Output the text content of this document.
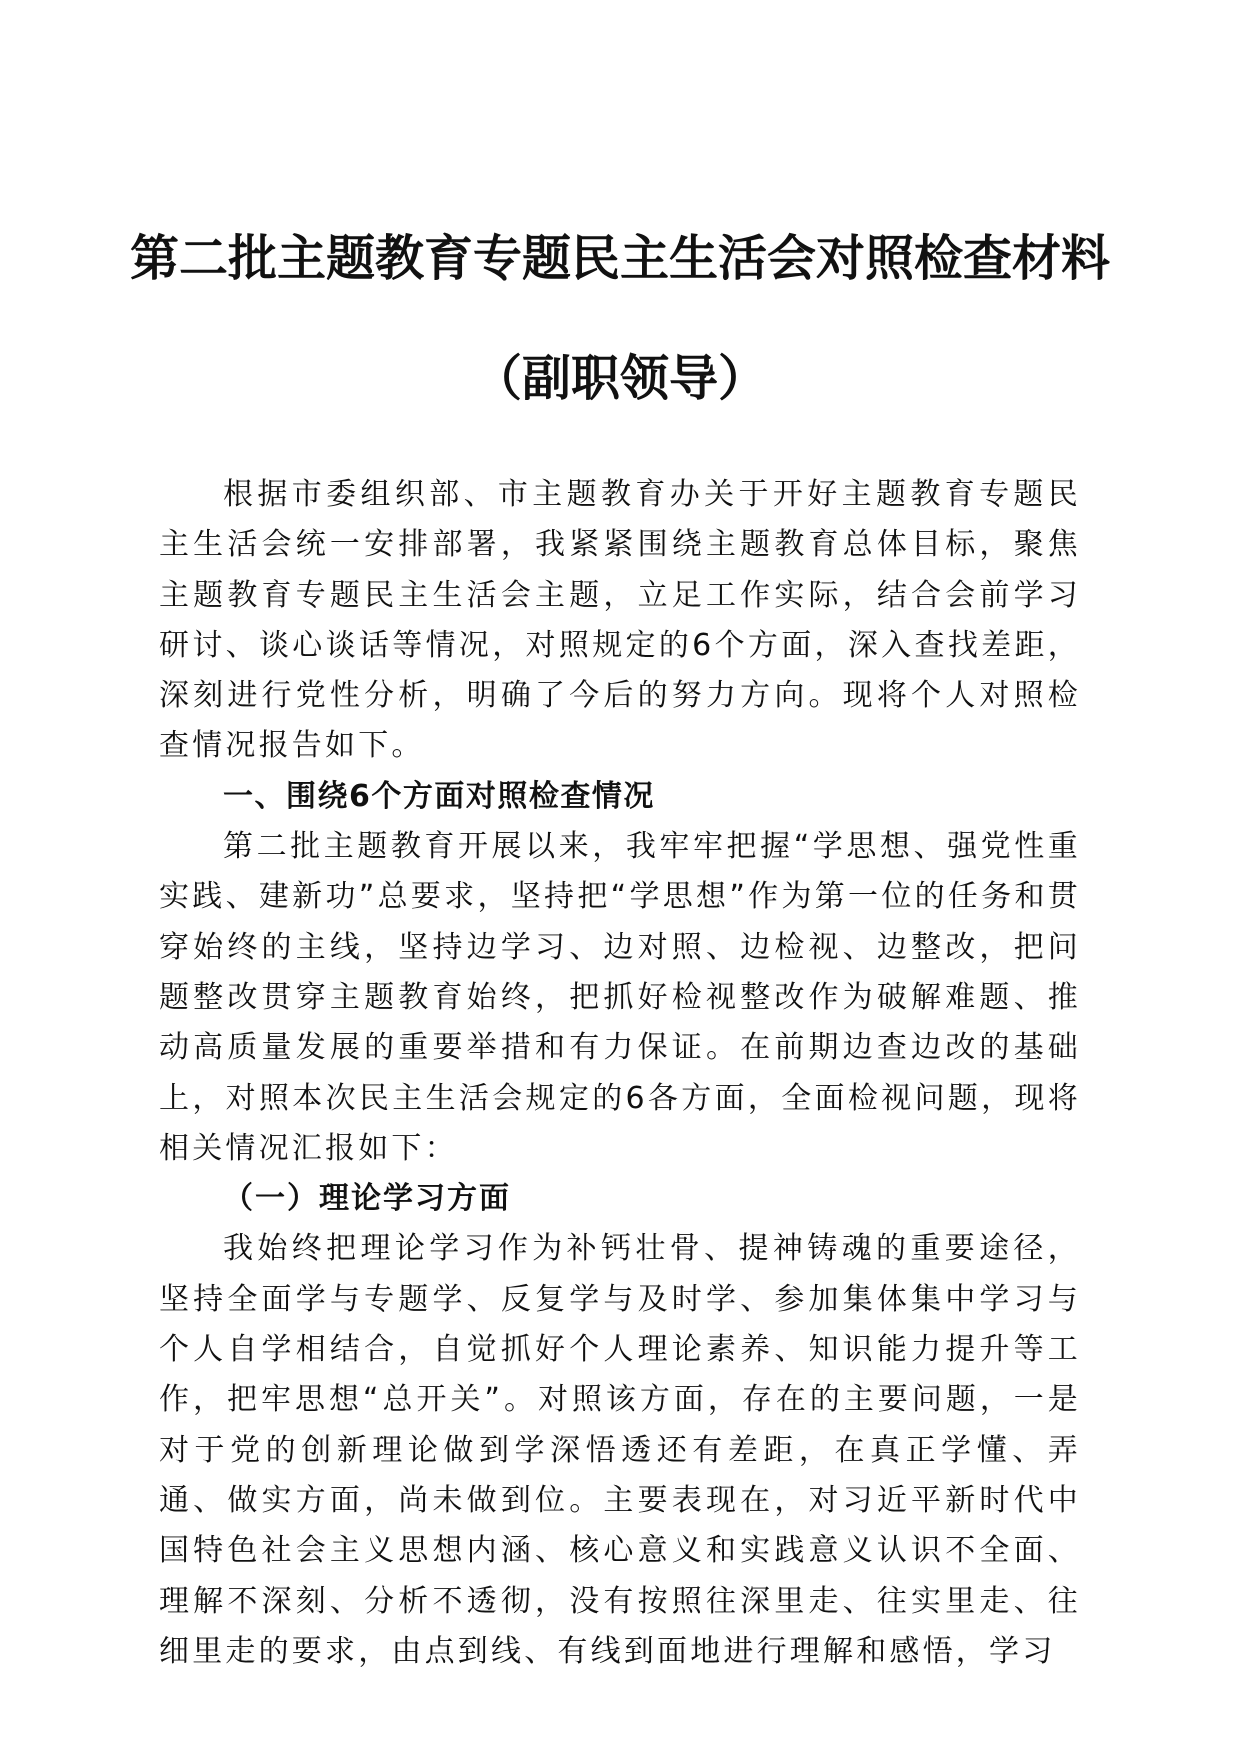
第二批主题教育专题民主生活会对照检查材料
（副职领导）

根据市委组织部、市主题教育办关于开好主题教育专题民主生活会统一安排部署，我紧紧围绕主题教育总体目标，聚焦主题教育专题民主生活会主题，立足工作实际，结合会前学习研讨、谈心谈话等情况，对照规定的6个方面，深入查找差距，深刻进行党性分析，明确了今后的努力方向。现将个人对照检查情况报告如下。

一、围绕6个方面对照检查情况

第二批主题教育开展以来，我牢牢把握“学思想、强党性重实践、建新功”总要求，坚持把“学思想”作为第一位的任务和贯穿始终的主线，坚持边学习、边对照、边检视、边整改，把问题整改贯穿主题教育始终，把抓好检视整改作为破解难题、推动高质量发展的重要举措和有力保证。在前期边查边改的基础上，对照本次民主生活会规定的6各方面，全面检视问题，现将相关情况汇报如下：

（一）理论学习方面

我始终把理论学习作为补钙壮骨、提神铸魂的重要途径，坚持全面学与专题学、反复学与及时学、参加集体集中学习与个人自学相结合，自觉抓好个人理论素养、知识能力提升等工作，把牢思想“总开关”。对照该方面，存在的主要问题，一是对于党的创新理论做到学深悟透还有差距，在真正学懂、弄通、做实方面，尚未做到位。主要表现在，对习近平新时代中国特色社会主义思想内涵、核心意义和实践意义认识不全面、理解不深刻、分析不透彻，没有按照往深里走、往实里走、往细里走的要求，由点到线、有线到面地进行理解和感悟，学习
